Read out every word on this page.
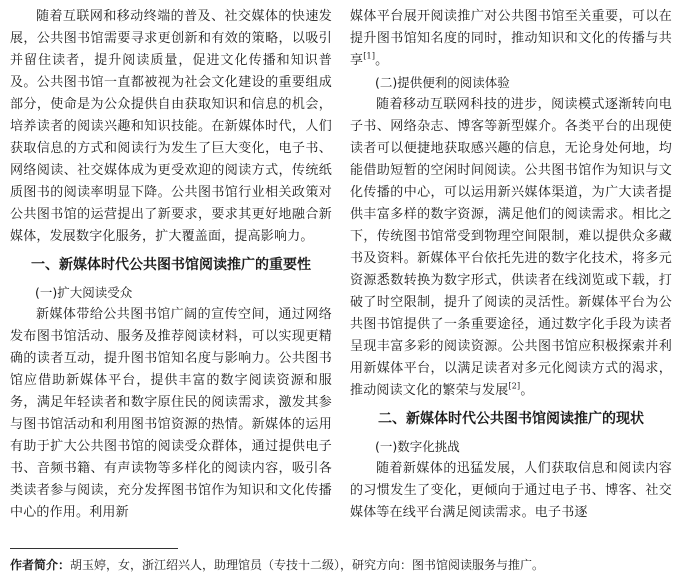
随着互联网和移动终端的普及、社交媒体的快速发展，公共图书馆需要寻求更创新和有效的策略，以吸引并留住读者，提升阅读质量，促进文化传播和知识普及。公共图书馆一直都被视为社会文化建设的重要组成部分，使命是为公众提供自由获取知识和信息的机会，培养读者的阅读兴趣和知识技能。在新媒体时代，人们获取信息的方式和阅读行为发生了巨大变化，电子书、网络阅读、社交媒体成为更受欢迎的阅读方式，传统纸质图书的阅读率明显下降。公共图书馆行业相关政策对公共图书馆的运营提出了新要求，要求其更好地融合新媒体，发展数字化服务，扩大覆盖面，提高影响力。

一、新媒体时代公共图书馆阅读推广的重要性
(一)扩大阅读受众

新媒体带给公共图书馆广阔的宣传空间，通过网络发布图书馆活动、服务及推荐阅读材料，可以实现更精确的读者互动，提升图书馆知名度与影响力。公共图书馆应借助新媒体平台，提供丰富的数字阅读资源和服务，满足年轻读者和数字原住民的阅读需求，激发其参与图书馆活动和利用图书馆资源的热情。新媒体的运用有助于扩大公共图书馆的阅读受众群体，通过提供电子书、音频书籍、有声读物等多样化的阅读内容，吸引各类读者参与阅读，充分发挥图书馆作为知识和文化传播中心的作用。利用新

媒体平台展开阅读推广对公共图书馆至关重要，可以在提升图书馆知名度的同时，推动知识和文化的传播与共享[1]。

(二)提供便利的阅读体验

随着移动互联网科技的进步，阅读模式逐渐转向电子书、网络杂志、博客等新型媒介。各类平台的出现使读者可以便捷地获取感兴趣的信息，无论身处何地，均能借助短暂的空闲时间阅读。公共图书馆作为知识与文化传播的中心，可以运用新兴媒体渠道，为广大读者提供丰富多样的数字资源，满足他们的阅读需求。相比之下，传统图书馆常受到物理空间限制，难以提供众多藏书及资料。新媒体平台依托先进的数字化技术，将多元资源悉数转换为数字形式，供读者在线浏览或下载，打破了时空限制，提升了阅读的灵活性。新媒体平台为公共图书馆提供了一条重要途径，通过数字化手段为读者呈现丰富多彩的阅读资源。公共图书馆应积极探索并利用新媒体平台，以满足读者对多元化阅读方式的渴求，推动阅读文化的繁荣与发展[2]。

二、新媒体时代公共图书馆阅读推广的现状
(一)数字化挑战

随着新媒体的迅猛发展，人们获取信息和阅读内容的习惯发生了变化，更倾向于通过电子书、博客、社交媒体等在线平台满足阅读需求。电子书逐

作者简介：胡玉婷，女，浙江绍兴人，助理馆员（专技十二级），研究方向：图书馆阅读服务与推广。
